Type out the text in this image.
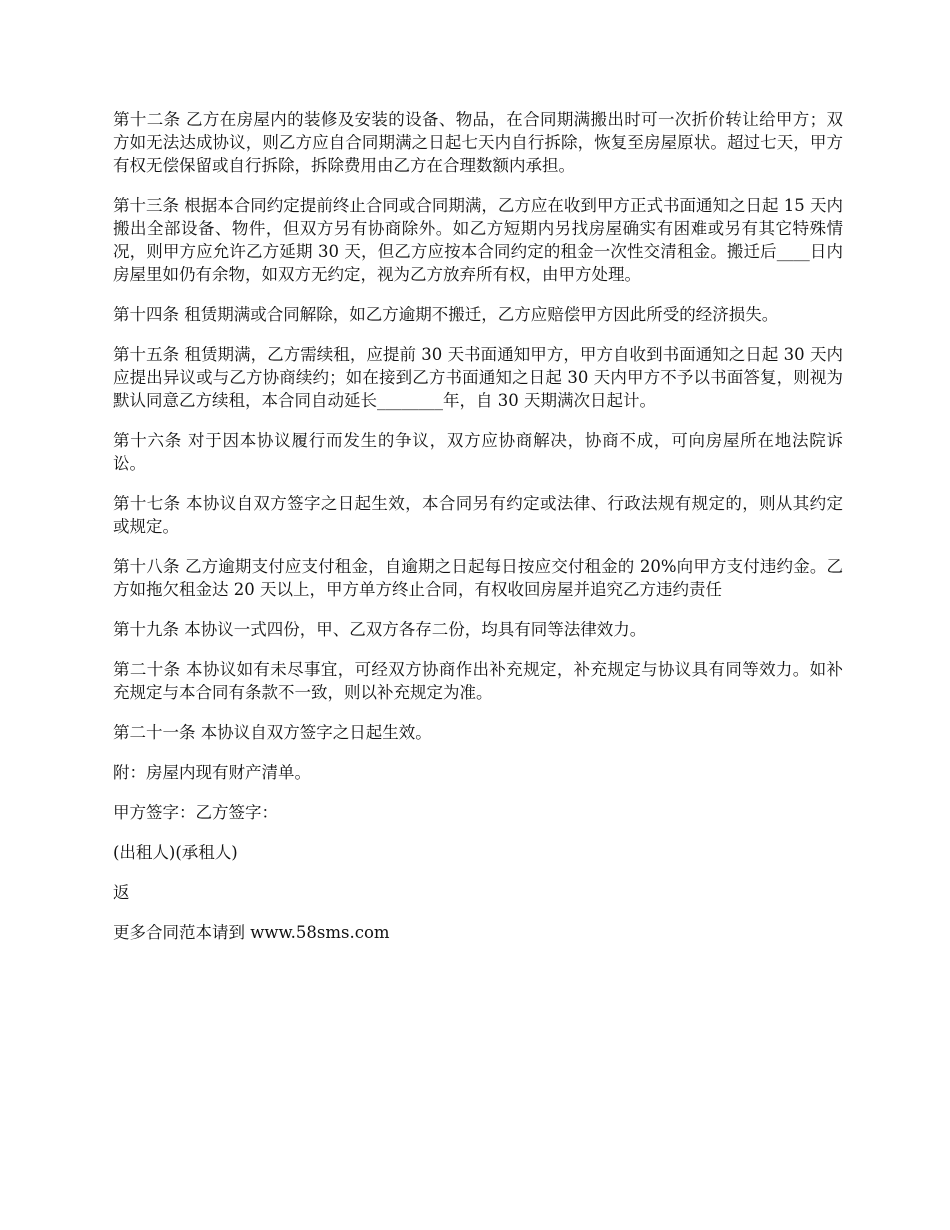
第十二条 乙方在房屋内的装修及安装的设备、物品，在合同期满搬出时可一次折价转让给甲方；双方如无法达成协议，则乙方应自合同期满之日起七天内自行拆除，恢复至房屋原状。超过七天，甲方有权无偿保留或自行拆除，拆除费用由乙方在合理数额内承担。

第十三条 根据本合同约定提前终止合同或合同期满，乙方应在收到甲方正式书面通知之日起 15 天内搬出全部设备、物件，但双方另有协商除外。如乙方短期内另找房屋确实有困难或另有其它特殊情况，则甲方应允许乙方延期 30 天，但乙方应按本合同约定的租金一次性交清租金。搬迁后____日内房屋里如仍有余物，如双方无约定，视为乙方放弃所有权，由甲方处理。

第十四条 租赁期满或合同解除，如乙方逾期不搬迁，乙方应赔偿甲方因此所受的经济损失。

第十五条 租赁期满，乙方需续租，应提前 30 天书面通知甲方，甲方自收到书面通知之日起 30 天内应提出异议或与乙方协商续约；如在接到乙方书面通知之日起 30 天内甲方不予以书面答复，则视为默认同意乙方续租，本合同自动延长________年，自 30 天期满次日起计。

第十六条 对于因本协议履行而发生的争议，双方应协商解决，协商不成，可向房屋所在地法院诉讼。

第十七条 本协议自双方签字之日起生效，本合同另有约定或法律、行政法规有规定的，则从其约定或规定。

第十八条 乙方逾期支付应支付租金，自逾期之日起每日按应交付租金的 20%向甲方支付违约金。乙方如拖欠租金达 20 天以上，甲方单方终止合同，有权收回房屋并追究乙方违约责任

第十九条 本协议一式四份，甲、乙双方各存二份，均具有同等法律效力。

第二十条 本协议如有未尽事宜，可经双方协商作出补充规定，补充规定与协议具有同等效力。如补充规定与本合同有条款不一致，则以补充规定为准。

第二十一条 本协议自双方签字之日起生效。

附：房屋内现有财产清单。

甲方签字：乙方签字：

(出租人)(承租人)

返

更多合同范本请到 www.58sms.com
